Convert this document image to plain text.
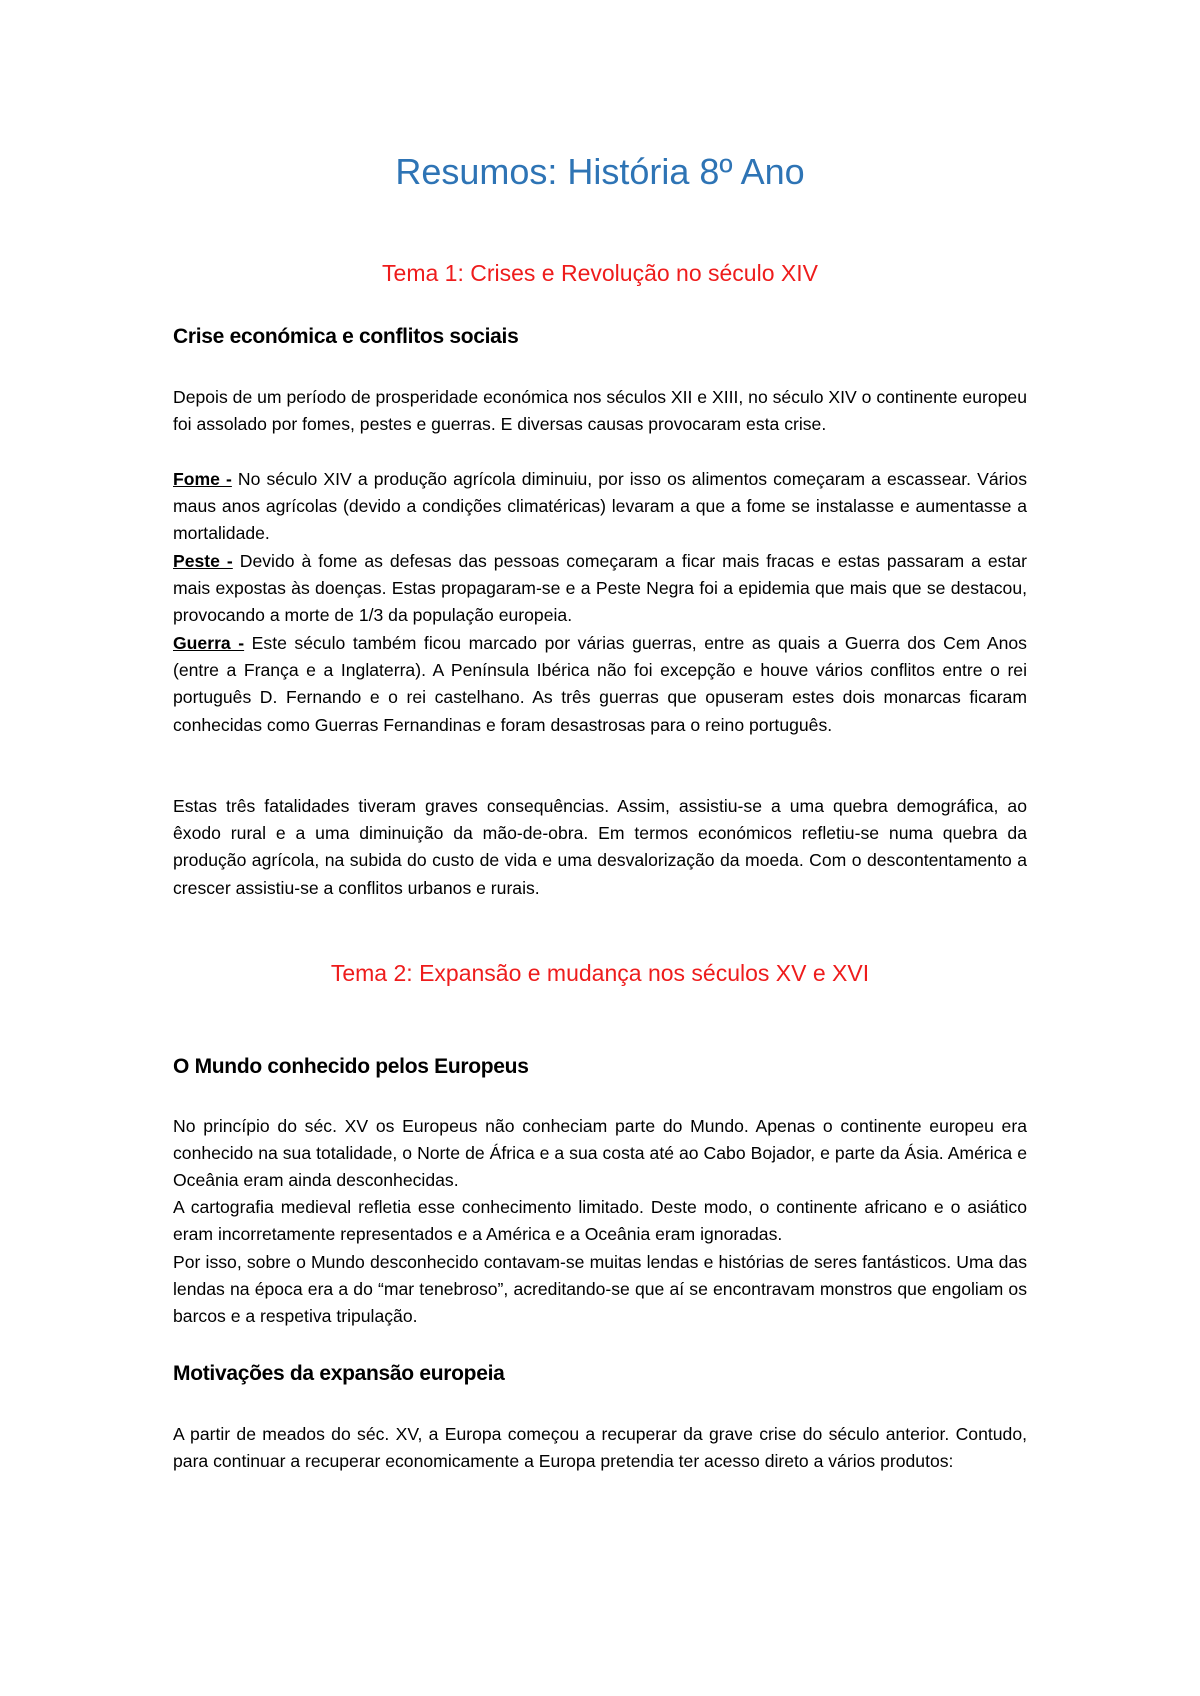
Resumos: História 8º Ano
Tema 1: Crises e Revolução no século XIV
Crise económica e conflitos sociais

Depois de um período de prosperidade económica nos séculos XII e XIII, no século XIV o continente europeu foi assolado por fomes, pestes e guerras. E diversas causas provocaram esta crise.

Fome - No século XIV a produção agrícola diminuiu, por isso os alimentos começaram a escassear. Vários maus anos agrícolas (devido a condições climatéricas) levaram a que a fome se instalasse e aumentasse a mortalidade.

Peste - Devido à fome as defesas das pessoas começaram a ficar mais fracas e estas passaram a estar mais expostas às doenças. Estas propagaram-se e a Peste Negra foi a epidemia que mais que se destacou, provocando a morte de 1/3 da população europeia.

Guerra - Este século também ficou marcado por várias guerras, entre as quais a Guerra dos Cem Anos (entre a França e a Inglaterra). A Península Ibérica não foi excepção e houve vários conflitos entre o rei português D. Fernando e o rei castelhano. As três guerras que opuseram estes dois monarcas ficaram conhecidas como Guerras Fernandinas e foram desastrosas para o reino português.

Estas três fatalidades tiveram graves consequências. Assim, assistiu-se a uma quebra demográfica, ao êxodo rural e a uma diminuição da mão-de-obra. Em termos económicos refletiu-se numa quebra da produção agrícola, na subida do custo de vida e uma desvalorização da moeda. Com o descontentamento a crescer assistiu-se a conflitos urbanos e rurais.

Tema 2: Expansão e mudança nos séculos XV e XVI
O Mundo conhecido pelos Europeus

No princípio do séc. XV os Europeus não conheciam parte do Mundo. Apenas o continente europeu era conhecido na sua totalidade, o Norte de África e a sua costa até ao Cabo Bojador, e parte da Ásia. América e Oceânia eram ainda desconhecidas.

A cartografia medieval refletia esse conhecimento limitado. Deste modo, o continente africano e o asiático eram incorretamente representados e a América e a Oceânia eram ignoradas.

Por isso, sobre o Mundo desconhecido contavam-se muitas lendas e histórias de seres fantásticos. Uma das lendas na época era a do “mar tenebroso”, acreditando-se que aí se encontravam monstros que engoliam os barcos e a respetiva tripulação.

Motivações da expansão europeia

A partir de meados do séc. XV, a Europa começou a recuperar da grave crise do século anterior. Contudo, para continuar a recuperar economicamente a Europa pretendia ter acesso direto a vários produtos:
